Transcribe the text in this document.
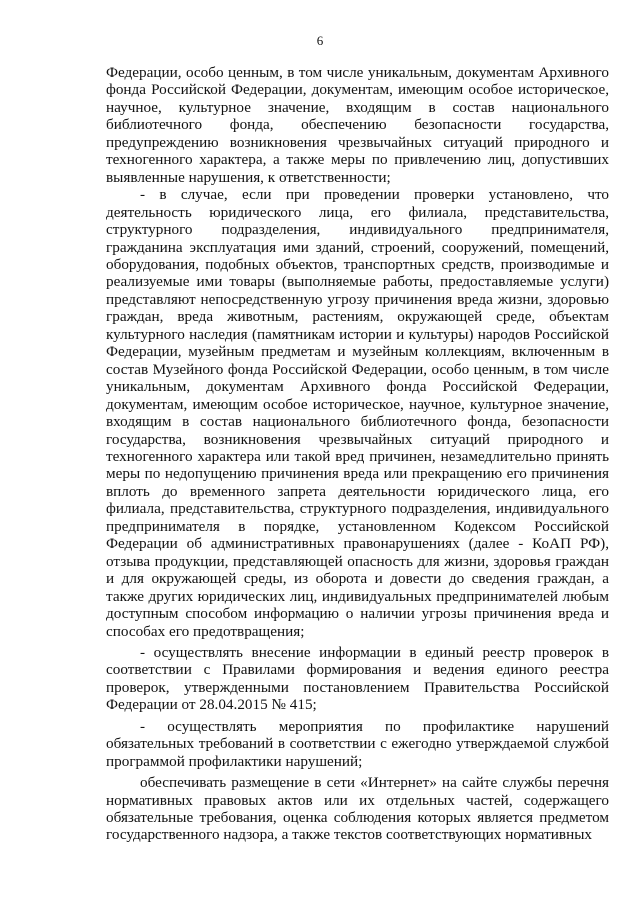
6

Федерации, особо ценным, в том числе уникальным, документам Архивного фонда Российской Федерации, документам, имеющим особое историческое, научное, культурное значение, входящим в состав национального библиотечного фонда, обеспечению безопасности государства, предупреждению возникновения чрезвычайных ситуаций природного и техногенного характера, а также меры по привлечению лиц, допустивших выявленные нарушения, к ответственности;

- в случае, если при проведении проверки установлено, что деятельность юридического лица, его филиала, представительства, структурного подразделения, индивидуального предпринимателя, гражданина эксплуатация ими зданий, строений, сооружений, помещений, оборудования, подобных объектов, транспортных средств, производимые и реализуемые ими товары (выполняемые работы, предоставляемые услуги) представляют непосредственную угрозу причинения вреда жизни, здоровью граждан, вреда животным, растениям, окружающей среде, объектам культурного наследия (памятникам истории и культуры) народов Российской Федерации, музейным предметам и музейным коллекциям, включенным в состав Музейного фонда Российской Федерации, особо ценным, в том числе уникальным, документам Архивного фонда Российской Федерации, документам, имеющим особое историческое, научное, культурное значение, входящим в состав национального библиотечного фонда, безопасности государства, возникновения чрезвычайных ситуаций природного и техногенного характера или такой вред причинен, незамедлительно принять меры по недопущению причинения вреда или прекращению его причинения вплоть до временного запрета деятельности юридического лица, его филиала, представительства, структурного подразделения, индивидуального предпринимателя в порядке, установленном Кодексом Российской Федерации об административных правонарушениях (далее - КоАП РФ), отзыва продукции, представляющей опасность для жизни, здоровья граждан и для окружающей среды, из оборота и довести до сведения граждан, а также других юридических лиц, индивидуальных предпринимателей любым доступным способом информацию о наличии угрозы причинения вреда и способах его предотвращения;

- осуществлять внесение информации в единый реестр проверок в соответствии с Правилами формирования и ведения единого реестра проверок, утвержденными постановлением Правительства Российской Федерации от 28.04.2015 № 415;

- осуществлять мероприятия по профилактике нарушений обязательных требований в соответствии с ежегодно утверждаемой службой программой профилактики нарушений;

обеспечивать размещение в сети «Интернет» на сайте службы перечня нормативных правовых актов или их отдельных частей, содержащего обязательные требования, оценка соблюдения которых является предметом государственного надзора, а также текстов соответствующих нормативных
